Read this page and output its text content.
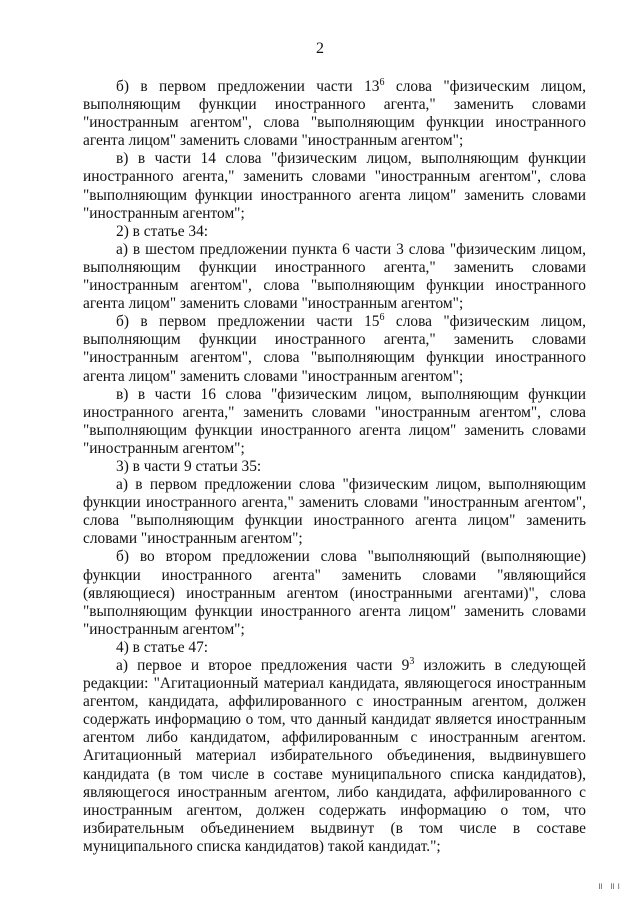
2

б) в первом предложении части $13^6$ слова "физическим лицом, выполняющим функции иностранного агента," заменить словами "иностранным агентом", слова "выполняющим функции иностранного агента лицом" заменить словами "иностранным агентом";

в) в части 14 слова "физическим лицом, выполняющим функции иностранного агента," заменить словами "иностранным агентом", слова "выполняющим функции иностранного агента лицом" заменить словами "иностранным агентом";

2) в статье 34:

а) в шестом предложении пункта 6 части 3 слова "физическим лицом, выполняющим функции иностранного агента," заменить словами "иностранным агентом", слова "выполняющим функции иностранного агента лицом" заменить словами "иностранным агентом";

б) в первом предложении части $15^6$ слова "физическим лицом, выполняющим функции иностранного агента," заменить словами "иностранным агентом", слова "выполняющим функции иностранного агента лицом" заменить словами "иностранным агентом";

в) в части 16 слова "физическим лицом, выполняющим функции иностранного агента," заменить словами "иностранным агентом", слова "выполняющим функции иностранного агента лицом" заменить словами "иностранным агентом";

3) в части 9 статьи 35:

а) в первом предложении слова "физическим лицом, выполняющим функции иностранного агента," заменить словами "иностранным агентом", слова "выполняющим функции иностранного агента лицом" заменить словами "иностранным агентом";

б) во втором предложении слова "выполняющий (выполняющие) функции иностранного агента" заменить словами "являющийся (являющиеся) иностранным агентом (иностранными агентами)", слова "выполняющим функции иностранного агента лицом" заменить словами "иностранным агентом";

4) в статье 47:

а) первое и второе предложения части $9^3$ изложить в следующей редакции: "Агитационный материал кандидата, являющегося иностранным агентом, кандидата, аффилированного с иностранным агентом, должен содержать информацию о том, что данный кандидат является иностранным агентом либо кандидатом, аффилированным с иностранным агентом. Агитационный материал избирательного объединения, выдвинувшего кандидата (в том числе в составе муниципального списка кандидатов), являющегося иностранным агентом, либо кандидата, аффилированного с иностранным агентом, должен содержать информацию о том, что избирательным объединением выдвинут (в том числе в составе муниципального списка кандидатов) такой кандидат.";

॥ ॥।
